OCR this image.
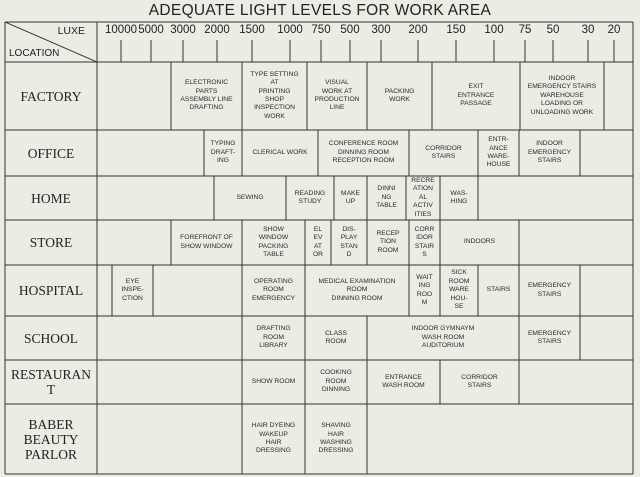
ADEQUATE LIGHT LEVELS FOR WORK AREA
LUXE
LOCATION
10000 5000 3000 2000 1500 1000 750 500 300 200 150 100 75 50 30 20
FACTORY
ELECTRONIC
PARTS
ASSEMBLY LINE
DRAFTING
TYPE SETTING
AT
PRINTING
SHOP
INSPECTION
WORK
VISUAL
WORK AT
PRODUCTION
LINE
PACKING
WORK
EXIT
ENTRANCE
PASSAGE
INDOOR
EMERGENCY STAIRS
WAREHOUSE
LOADING OR
UNLOADING WORK
OFFICE
TYPING
DRAFT-
ING
CLERICAL WORK
CONFERENCE ROOM
DINNING ROOM
RECEPTION ROOM
CORRIDOR
STAIRS
ENTR-
ANCE
WARE-
HOUSE
INDOOR
EMERGENCY
STAIRS
HOME	SEWING
READING
STUDY
MAKE
UP
DINNI
NG
TABLE
RECRE
ATION
AL
ACTIV
ITIES
WAS-
HING
STORE	FOREFRONT OF
SHOW WINDOW
SHOW
WINDOW
PACKING
TABLE
EL
EV
AT
OR
DIS-
PLAY
STAN
D
RECEP
TION
ROOM
CORR
IDOR
STAIR
S
INDOORS
HOSPITAL
EYE
INSPE-
CTION
OPERATING
ROOM
EMERGENCY
MEDICAL EXAMINATION
ROOM
DINNING ROOM
WAIT
ING
ROO
M
SICK
ROOM
WARE
HOU-
SE
STAIRS
EMERGENCY
STAIRS
SCHOOL
DRAFTING
ROOM
LIBRARY
CLASS
ROOM
INDOOR GYMNAYM
WASH ROOM
AUDITORIUM
EMERGENCY
STAIRS
RESTAURAN
T
SHOW ROOM
COOKING
ROOM
DINNING
ENTRANCE
WASH ROOM
CORRIDOR
STAIRS
BABER
BEAUTY
PARLOR
HAIR DYEING
WAKEUP
HAIR
DRESSING
SHAVING
HAIR
WASHING
DRESSING
